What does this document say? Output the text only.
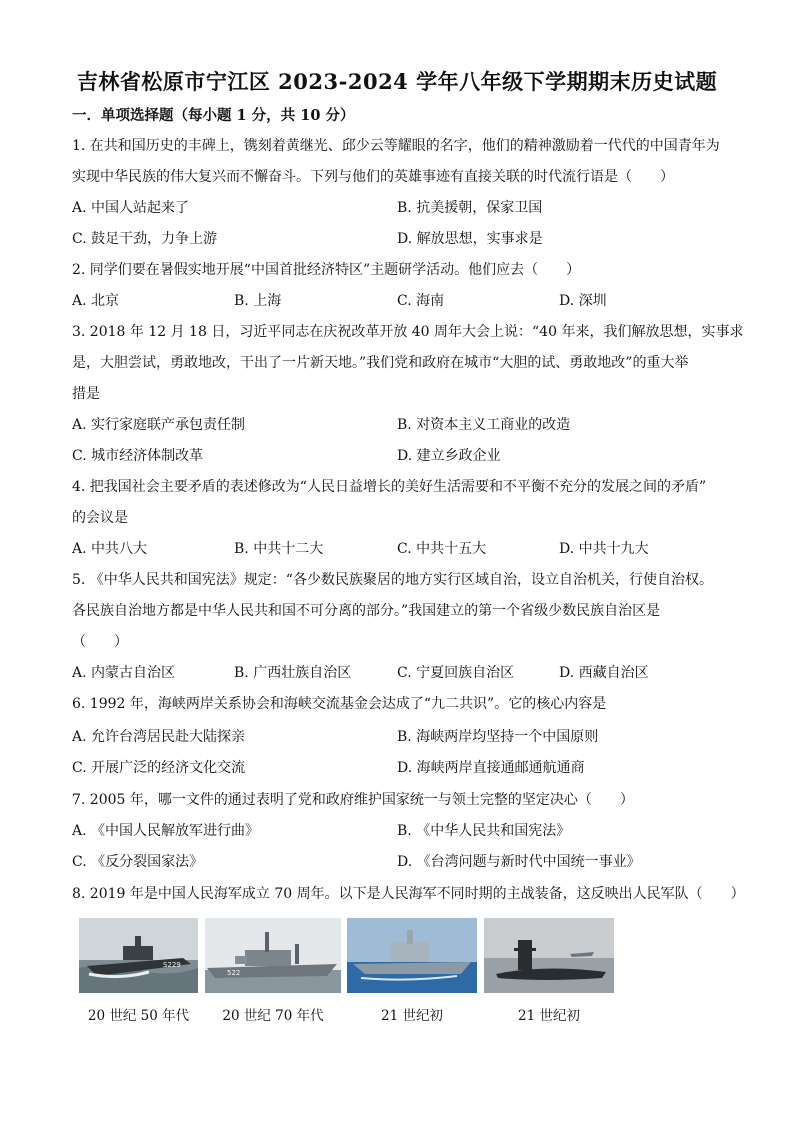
吉林省松原市宁江区 2023-2024 学年八年级下学期期末历史试题
一．单项选择题（每小题 1 分，共 10 分）
1. 在共和国历史的丰碑上，镌刻着黄继光、邱少云等耀眼的名字，他们的精神激励着一代代的中国青年为
实现中华民族的伟大复兴而不懈奋斗。下列与他们的英雄事迹有直接关联的时代流行语是（　　）
A. 中国人站起来了	B. 抗美援朝，保家卫国
C. 鼓足干劲，力争上游	D. 解放思想，实事求是
2. 同学们要在暑假实地开展“中国首批经济特区”主题研学活动。他们应去（　　）
A. 北京	B. 上海	C. 海南	D. 深圳
3. 2018 年 12 月 18 日，习近平同志在庆祝改革开放 40 周年大会上说：“40 年来，我们解放思想，实事求
是，大胆尝试，勇敢地改，干出了一片新天地。”我们党和政府在城市“大胆的试、勇敢地改”的重大举
措是
A. 实行家庭联产承包责任制	B. 对资本主义工商业的改造
C. 城市经济体制改革	D. 建立乡政企业
4. 把我国社会主要矛盾的表述修改为“人民日益增长的美好生活需要和不平衡不充分的发展之间的矛盾”
的会议是
A. 中共八大	B. 中共十二大	C. 中共十五大	D. 中共十九大
5. 《中华人民共和国宪法》规定：“各少数民族聚居的地方实行区域自治，设立自治机关，行使自治权。
各民族自治地方都是中华人民共和国不可分离的部分。”我国建立的第一个省级少数民族自治区是
（　　）
A. 内蒙古自治区	B. 广西壮族自治区	C. 宁夏回族自治区	D. 西藏自治区
6. 1992 年，海峡两岸关系协会和海峡交流基金会达成了“九二共识”。它的核心内容是
A. 允许台湾居民赴大陆探亲	B. 海峡两岸均坚持一个中国原则
C. 开展广泛的经济文化交流	D. 海峡两岸直接通邮通航通商
7. 2005 年，哪一文件的通过表明了党和政府维护国家统一与领土完整的坚定决心（　　）
A. 《中国人民解放军进行曲》	B. 《中华人民共和国宪法》
C. 《反分裂国家法》	D. 《台湾问题与新时代中国统一事业》
8. 2019 年是中国人民海军成立 70 周年。以下是人民海军不同时期的主战装备，这反映出人民军队（　　）
S229
522
20 世纪 50 年代	20 世纪 70 年代	21 世纪初	21 世纪初
